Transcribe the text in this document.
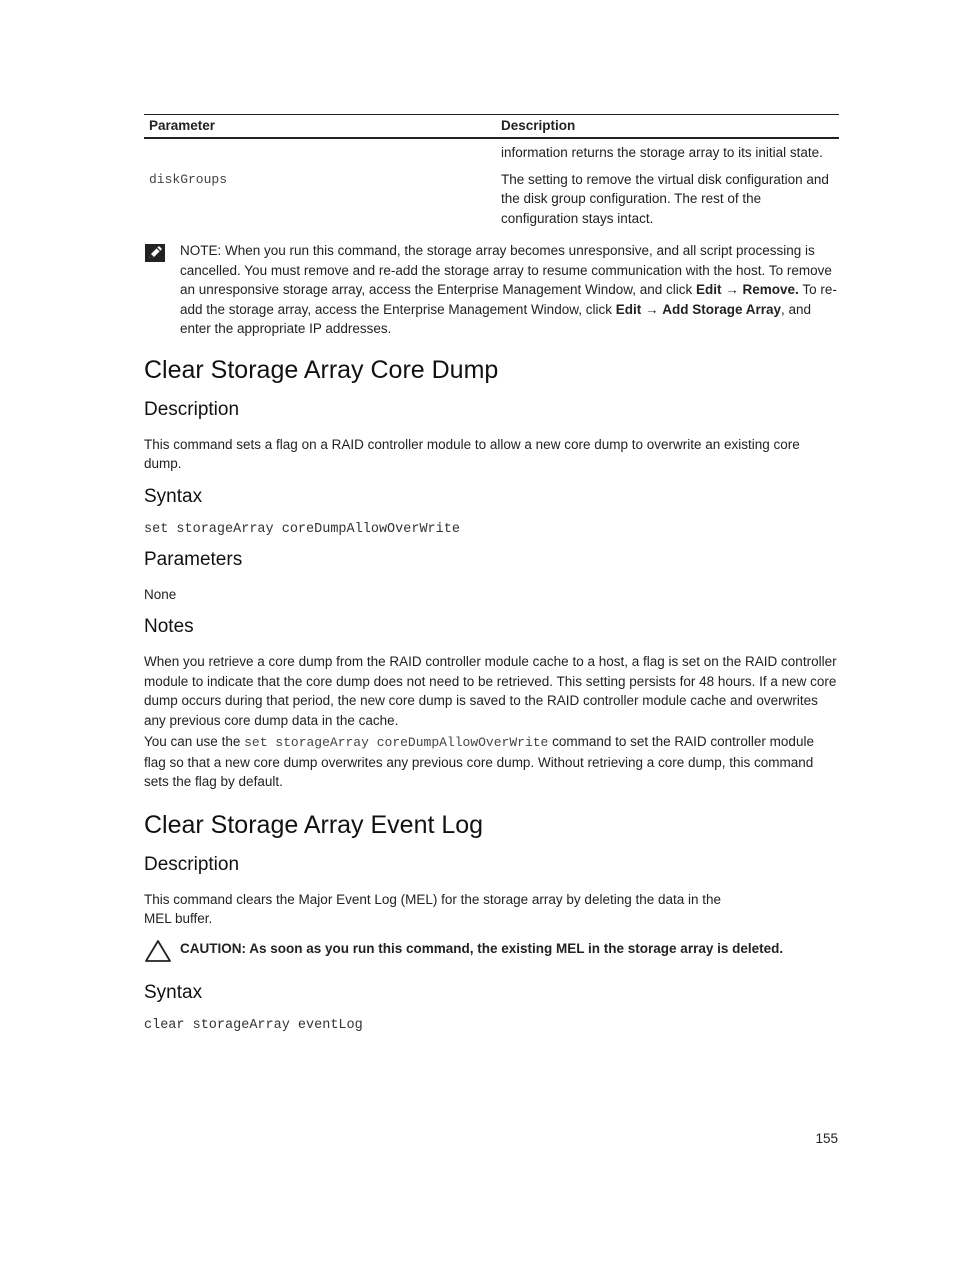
Parameter	Description
	information returns the storage array to its initial state.
diskGroups	The setting to remove the virtual disk configuration and the disk group configuration. The rest of the configuration stays intact.
NOTE: When you run this command, the storage array becomes unresponsive, and all script processing is cancelled. You must remove and re-add the storage array to resume communication with the host. To remove an unresponsive storage array, access the Enterprise Management Window, and click Edit → Remove. To re-add the storage array, access the Enterprise Management Window, click Edit → Add Storage Array, and enter the appropriate IP addresses.
Clear Storage Array Core Dump
Description

This command sets a flag on a RAID controller module to allow a new core dump to overwrite an existing core dump.

Syntax
set storageArray coreDumpAllowOverWrite
Parameters

None

Notes

When you retrieve a core dump from the RAID controller module cache to a host, a flag is set on the RAID controller module to indicate that the core dump does not need to be retrieved. This setting persists for 48 hours. If a new core dump occurs during that period, the new core dump is saved to the RAID controller module cache and overwrites any previous core dump data in the cache.

You can use the set storageArray coreDumpAllowOverWrite command to set the RAID controller module flag so that a new core dump overwrites any previous core dump. Without retrieving a core dump, this command sets the flag by default.

Clear Storage Array Event Log
Description

This command clears the Major Event Log (MEL) for the storage array by deleting the data in the
MEL buffer.

CAUTION: As soon as you run this command, the existing MEL in the storage array is deleted.
Syntax
clear storageArray eventLog
155
